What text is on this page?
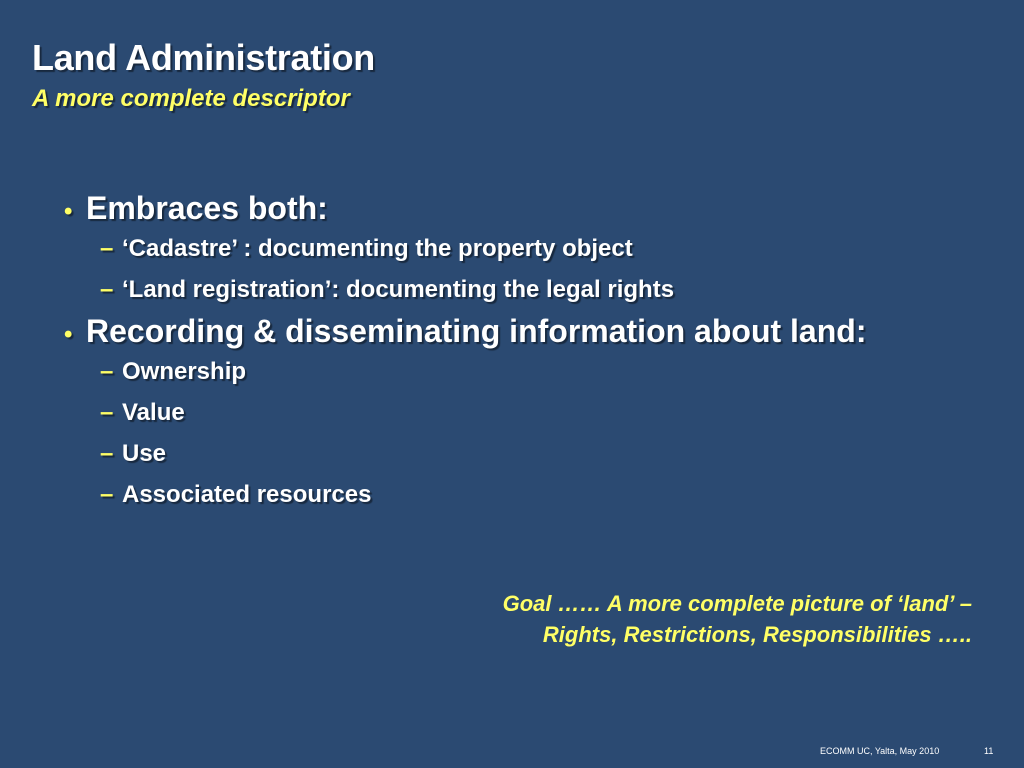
Land Administration
A more complete descriptor
• Embraces both:
– ‘Cadastre’ : documenting the property object
– ‘Land registration’: documenting the legal rights
• Recording & disseminating information about land:
– Ownership
– Value
– Use
– Associated resources
Goal …… A more complete picture of ‘land’ –
Rights, Restrictions, Responsibilities …..
ECOMM UC, Yalta, May 2010	11
